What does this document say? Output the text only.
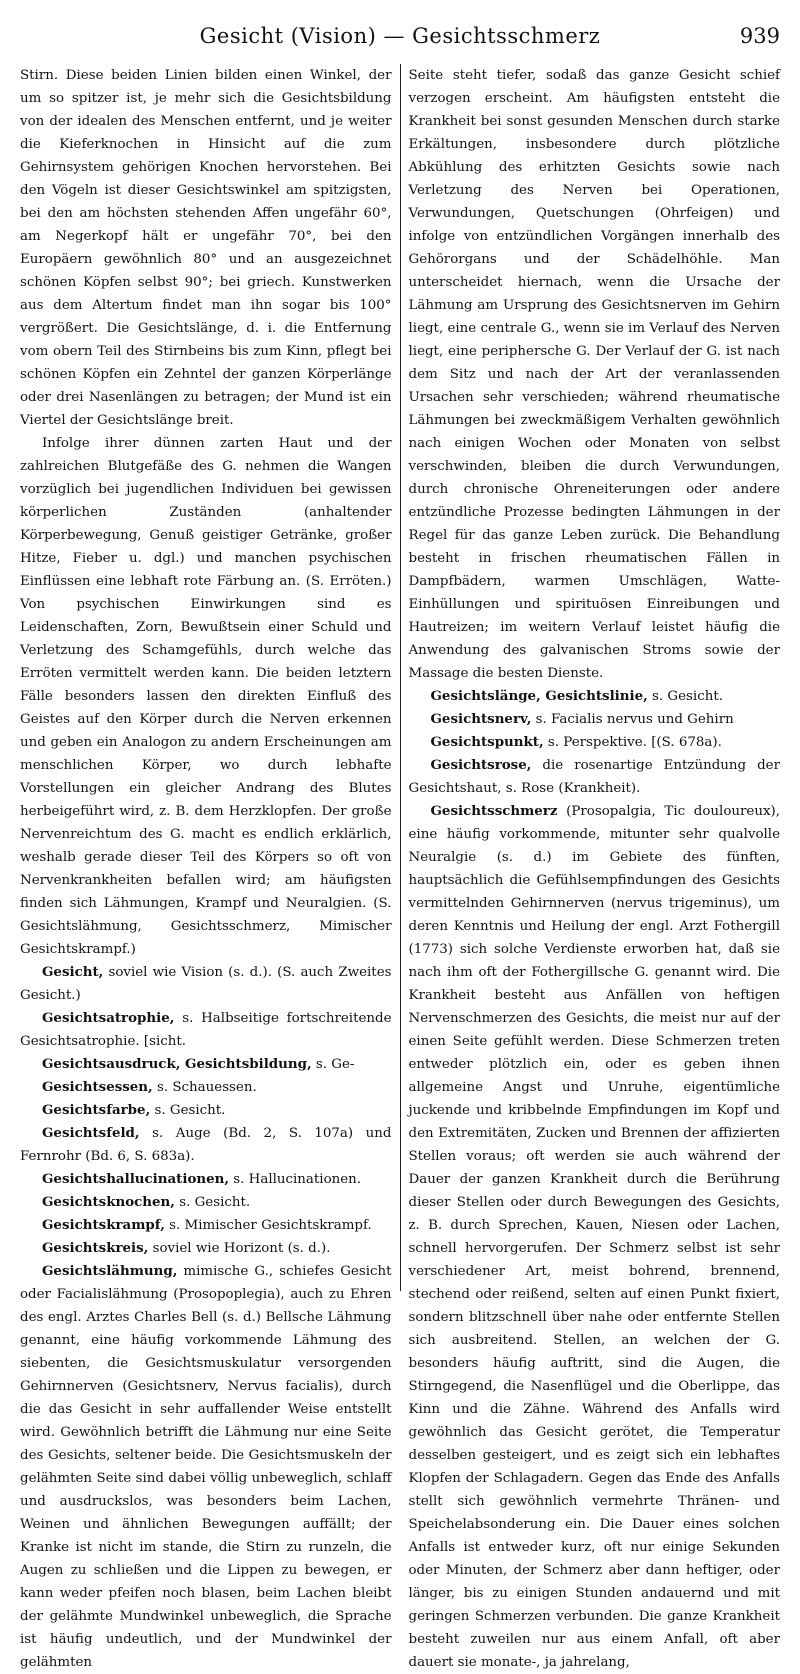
Gesicht (Vision) — Gesichtsschmerz	939

Stirn. Diese beiden Linien bilden einen Winkel, der um so spitzer ist, je mehr sich die Gesichtsbildung von der idealen des Menschen entfernt, und je weiter die Kieferknochen in Hinsicht auf die zum Gehirnsystem gehörigen Knochen hervorstehen. Bei den Vögeln ist dieser Gesichtswinkel am spitzigsten, bei den am höchsten stehenden Affen ungefähr 60°, am Negerkopf hält er ungefähr 70°, bei den Europäern gewöhnlich 80° und an ausgezeichnet schönen Köpfen selbst 90°; bei griech. Kunstwerken aus dem Altertum findet man ihn sogar bis 100° vergrößert. Die Gesichtslänge, d. i. die Entfernung vom obern Teil des Stirnbeins bis zum Kinn, pflegt bei schönen Köpfen ein Zehntel der ganzen Körperlänge oder drei Nasenlängen zu betragen; der Mund ist ein Viertel der Gesichtslänge breit.

Infolge ihrer dünnen zarten Haut und der zahlreichen Blutgefäße des G. nehmen die Wangen vorzüglich bei jugendlichen Individuen bei gewissen körperlichen Zuständen (anhaltender Körperbewegung, Genuß geistiger Getränke, großer Hitze, Fieber u. dgl.) und manchen psychischen Einflüssen eine lebhaft rote Färbung an. (S. Erröten.) Von psychischen Einwirkungen sind es Leidenschaften, Zorn, Bewußtsein einer Schuld und Verletzung des Schamgefühls, durch welche das Erröten vermittelt werden kann. Die beiden letztern Fälle besonders lassen den direkten Einfluß des Geistes auf den Körper durch die Nerven erkennen und geben ein Analogon zu andern Erscheinungen am menschlichen Körper, wo durch lebhafte Vorstellungen ein gleicher Andrang des Blutes herbeigeführt wird, z. B. dem Herzklopfen. Der große Nervenreichtum des G. macht es endlich erklärlich, weshalb gerade dieser Teil des Körpers so oft von Nervenkrankheiten befallen wird; am häufigsten finden sich Lähmungen, Krampf und Neuralgien. (S. Gesichtslähmung, Gesichtsschmerz, Mimischer Gesichtskrampf.)

Gesicht, soviel wie Vision (s. d.). (S. auch Zweites Gesicht.)

Gesichtsatrophie, s. Halbseitige fortschreitende Gesichtsatrophie. [sicht.

Gesichtsausdruck, Gesichtsbildung, s. Ge-

Gesichtsessen, s. Schauessen.

Gesichtsfarbe, s. Gesicht.

Gesichtsfeld, s. Auge (Bd. 2, S. 107a) und Fernrohr (Bd. 6, S. 683a).

Gesichtshallucinationen, s. Hallucinationen.

Gesichtsknochen, s. Gesicht.

Gesichtskrampf, s. Mimischer Gesichtskrampf.

Gesichtskreis, soviel wie Horizont (s. d.).

Gesichtslähmung, mimische G., schiefes Gesicht oder Facialislähmung (Prosopoplegia), auch zu Ehren des engl. Arztes Charles Bell (s. d.) Bellsche Lähmung genannt, eine häufig vorkommende Lähmung des siebenten, die Gesichtsmuskulatur versorgenden Gehirnnerven (Gesichtsnerv, Nervus facialis), durch die das Gesicht in sehr auffallender Weise entstellt wird. Gewöhnlich betrifft die Lähmung nur eine Seite des Gesichts, seltener beide. Die Gesichtsmuskeln der gelähmten Seite sind dabei völlig unbeweglich, schlaff und ausdruckslos, was besonders beim Lachen, Weinen und ähnlichen Bewegungen auffällt; der Kranke ist nicht im stande, die Stirn zu runzeln, die Augen zu schließen und die Lippen zu bewegen, er kann weder pfeifen noch blasen, beim Lachen bleibt der gelähmte Mundwinkel unbeweglich, die Sprache ist häufig undeutlich, und der Mundwinkel der gelähmten

Seite steht tiefer, sodaß das ganze Gesicht schief verzogen erscheint. Am häufigsten entsteht die Krankheit bei sonst gesunden Menschen durch starke Erkältungen, insbesondere durch plötzliche Abkühlung des erhitzten Gesichts sowie nach Verletzung des Nerven bei Operationen, Verwundungen, Quetschungen (Ohrfeigen) und infolge von entzündlichen Vorgängen innerhalb des Gehörorgans und der Schädelhöhle. Man unterscheidet hiernach, wenn die Ursache der Lähmung am Ursprung des Gesichtsnerven im Gehirn liegt, eine centrale G., wenn sie im Verlauf des Nerven liegt, eine periphersche G. Der Verlauf der G. ist nach dem Sitz und nach der Art der veranlassenden Ursachen sehr verschieden; während rheumatische Lähmungen bei zweckmäßigem Verhalten gewöhnlich nach einigen Wochen oder Monaten von selbst verschwinden, bleiben die durch Verwundungen, durch chronische Ohreneiterungen oder andere entzündliche Prozesse bedingten Lähmungen in der Regel für das ganze Leben zurück. Die Behandlung besteht in frischen rheumatischen Fällen in Dampfbädern, warmen Umschlägen, Watte-Einhüllungen und spirituösen Einreibungen und Hautreizen; im weitern Verlauf leistet häufig die Anwendung des galvanischen Stroms sowie der Massage die besten Dienste.

Gesichtslänge, Gesichtslinie, s. Gesicht.

Gesichtsnerv, s. Facialis nervus und Gehirn

Gesichtspunkt, s. Perspektive. [(S. 678a).

Gesichtsrose, die rosenartige Entzündung der Gesichtshaut, s. Rose (Krankheit).

Gesichtsschmerz (Prosopalgia, Tic douloureux), eine häufig vorkommende, mitunter sehr qualvolle Neuralgie (s. d.) im Gebiete des fünften, hauptsächlich die Gefühlsempfindungen des Gesichts vermittelnden Gehirnnerven (nervus trigeminus), um deren Kenntnis und Heilung der engl. Arzt Fothergill (1773) sich solche Verdienste erworben hat, daß sie nach ihm oft der Fothergillsche G. genannt wird. Die Krankheit besteht aus Anfällen von heftigen Nervenschmerzen des Gesichts, die meist nur auf der einen Seite gefühlt werden. Diese Schmerzen treten entweder plötzlich ein, oder es geben ihnen allgemeine Angst und Unruhe, eigentümliche juckende und kribbelnde Empfindungen im Kopf und den Extremitäten, Zucken und Brennen der affizierten Stellen voraus; oft werden sie auch während der Dauer der ganzen Krankheit durch die Berührung dieser Stellen oder durch Bewegungen des Gesichts, z. B. durch Sprechen, Kauen, Niesen oder Lachen, schnell hervorgerufen. Der Schmerz selbst ist sehr verschiedener Art, meist bohrend, brennend, stechend oder reißend, selten auf einen Punkt fixiert, sondern blitzschnell über nahe oder entfernte Stellen sich ausbreitend. Stellen, an welchen der G. besonders häufig auftritt, sind die Augen, die Stirngegend, die Nasenflügel und die Oberlippe, das Kinn und die Zähne. Während des Anfalls wird gewöhnlich das Gesicht gerötet, die Temperatur desselben gesteigert, und es zeigt sich ein lebhaftes Klopfen der Schlagadern. Gegen das Ende des Anfalls stellt sich gewöhnlich vermehrte Thränen- und Speichelabsonderung ein. Die Dauer eines solchen Anfalls ist entweder kurz, oft nur einige Sekunden oder Minuten, der Schmerz aber dann heftiger, oder länger, bis zu einigen Stunden andauernd und mit geringen Schmerzen verbunden. Die ganze Krankheit besteht zuweilen nur aus einem Anfall, oft aber dauert sie monate-, ja jahrelang,
